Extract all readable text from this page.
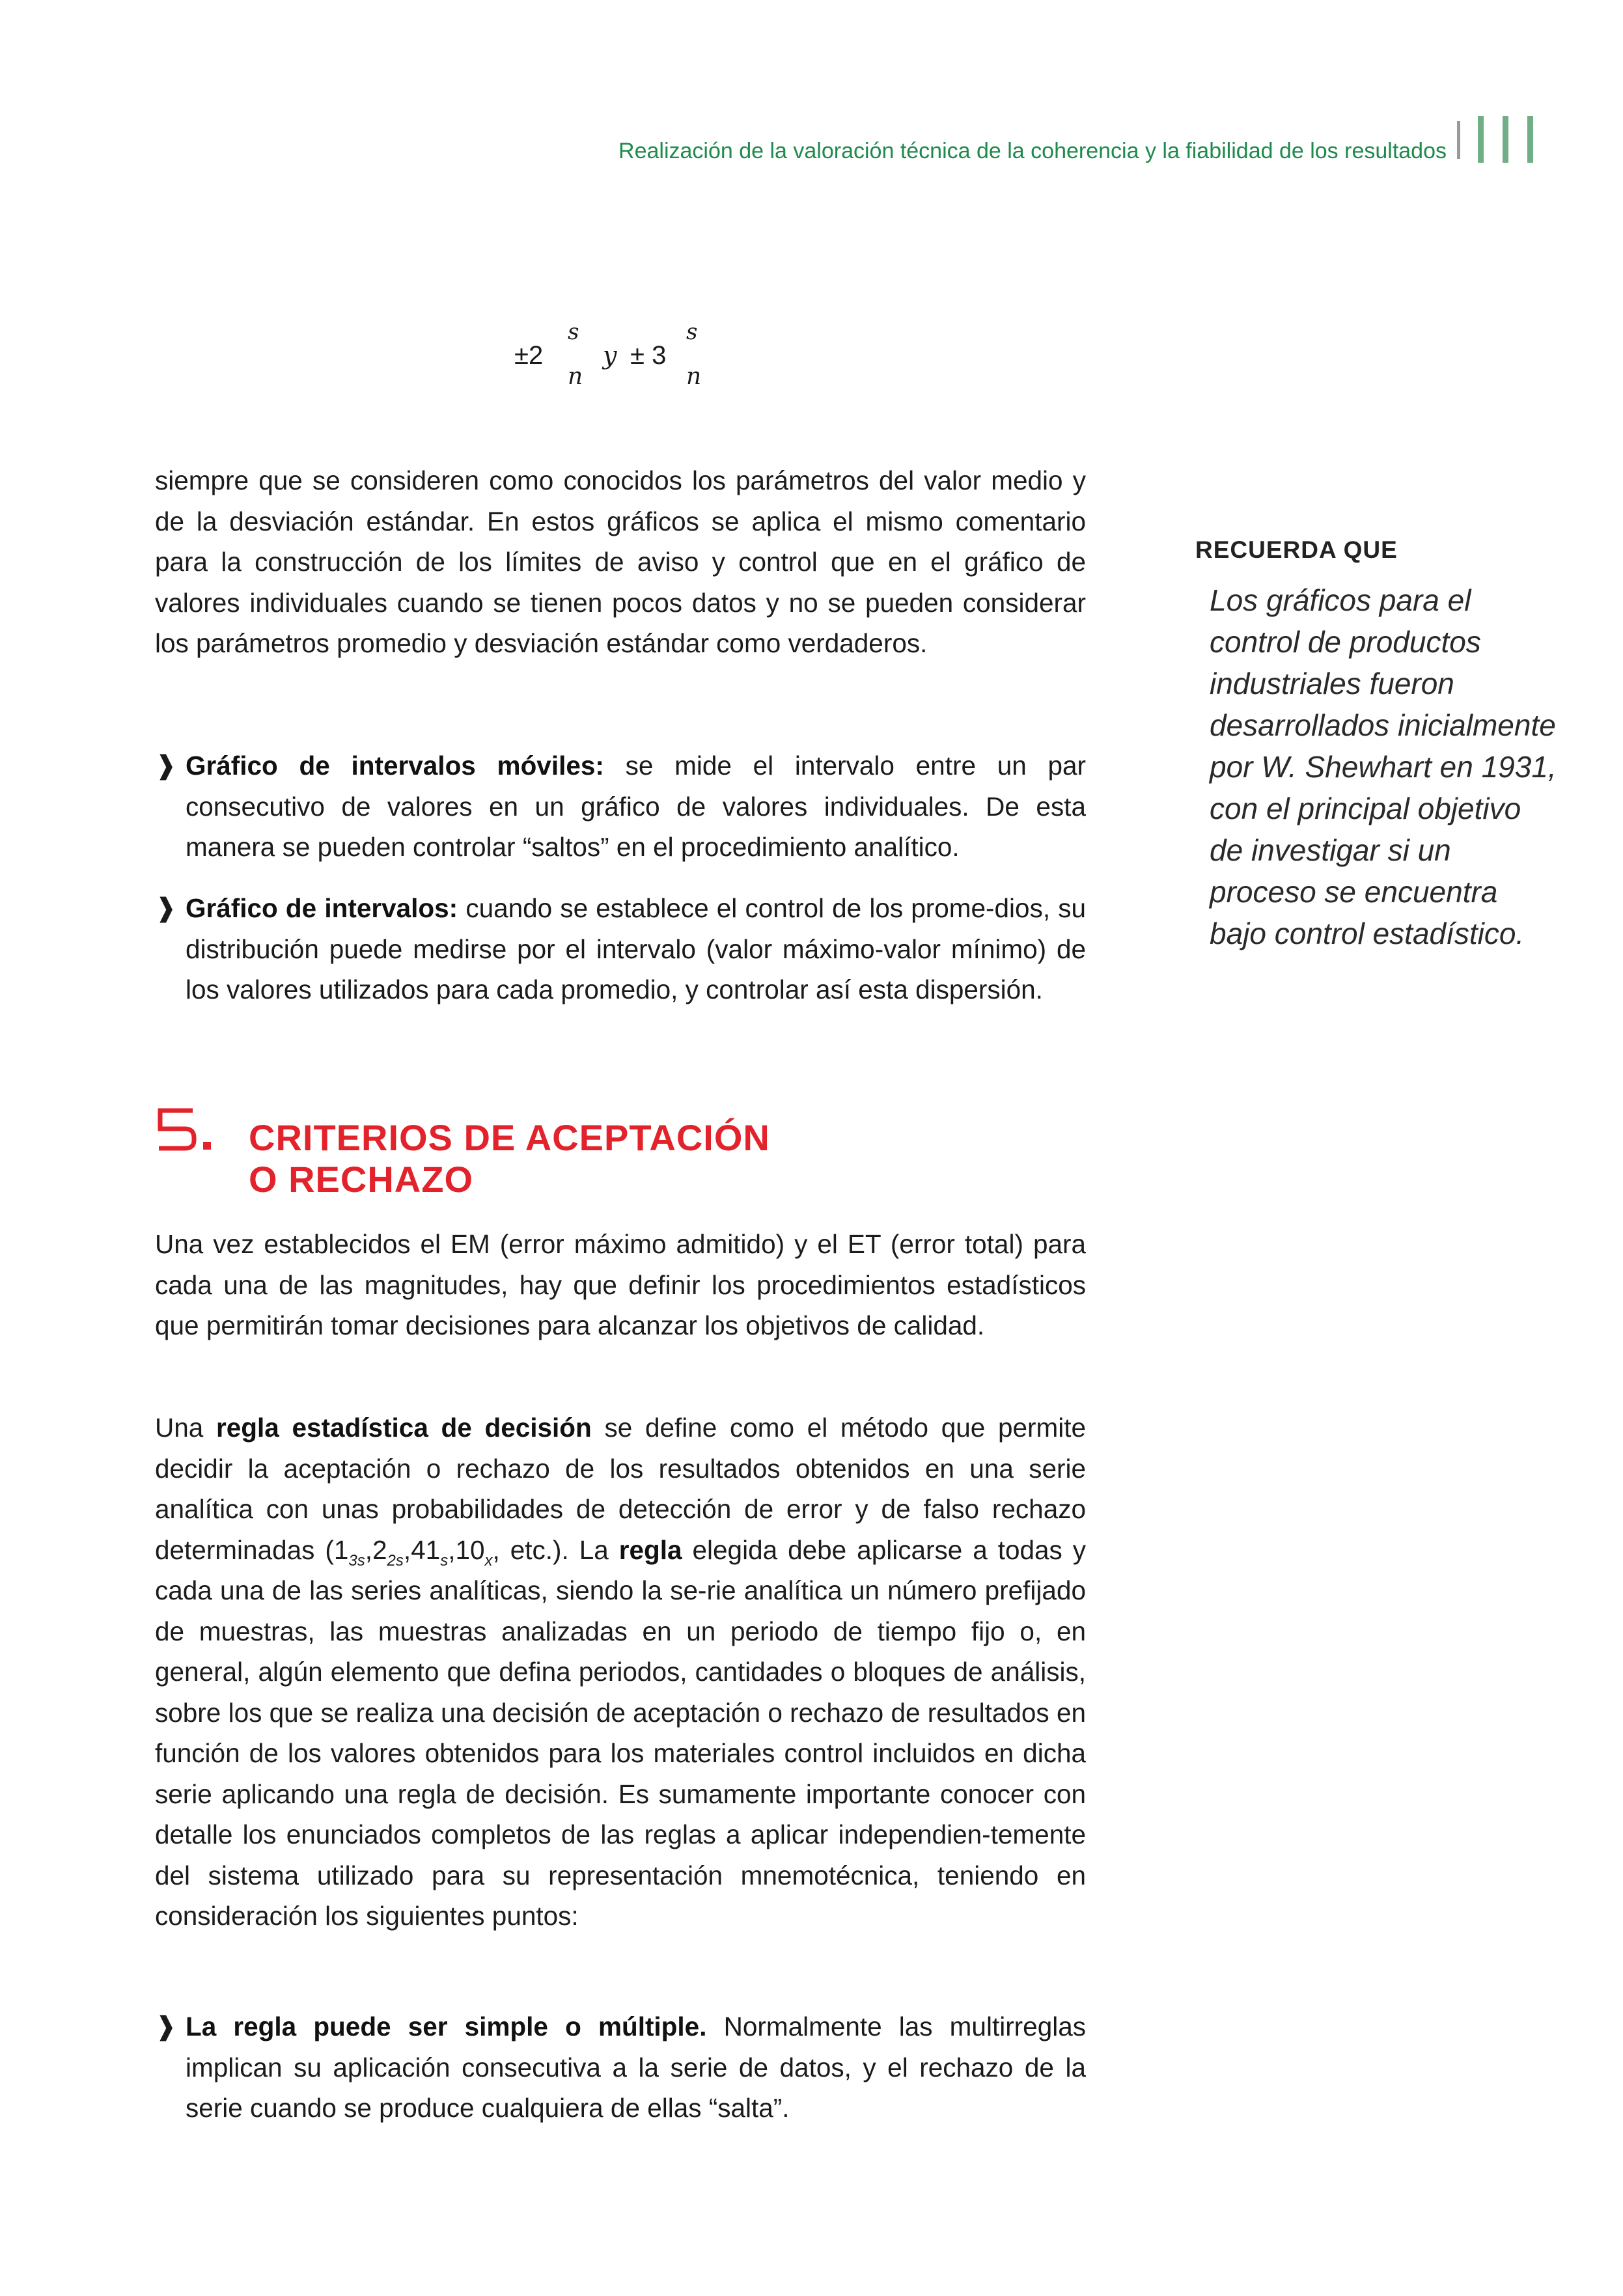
Realización de la valoración técnica de la coherencia y la fiabilidad de los resultados
±2
s
n
y ± 3
s
n

siempre que se consideren como conocidos los parámetros del valor medio y de la desviación estándar. En estos gráficos se aplica el mismo comentario para la construcción de los límites de aviso y control que en el gráfico de valores individuales cuando se tienen pocos datos y no se pueden considerar los parámetros promedio y desviación estándar como verdaderos.

❱ Gráfico de intervalos móviles: se mide el intervalo entre un par consecutivo de valores en un gráfico de valores individuales. De esta manera se pueden controlar “saltos” en el procedimiento analítico.
❱ Gráfico de intervalos: cuando se establece el control de los prome-dios, su distribución puede medirse por el intervalo (valor máximo-valor mínimo) de los valores utilizados para cada promedio, y controlar así esta dispersión.
CRITERIOS DE ACEPTACIÓN
O RECHAZO

Una vez establecidos el EM (error máximo admitido) y el ET (error total) para cada una de las magnitudes, hay que definir los procedimientos estadísticos que permitirán tomar decisiones para alcanzar los objetivos de calidad.

Una regla estadística de decisión se define como el método que permite decidir la aceptación o rechazo de los resultados obtenidos en una serie analítica con unas probabilidades de detección de error y de falso rechazo determinadas ($1_{3s},2_{2s},41_s,10_x$, etc.). La regla elegida debe aplicarse a todas y cada una de las series analíticas, siendo la se-rie analítica un número prefijado de muestras, las muestras analizadas en un periodo de tiempo fijo o, en general, algún elemento que defina periodos, cantidades o bloques de análisis, sobre los que se realiza una decisión de aceptación o rechazo de resultados en función de los valores obtenidos para los materiales control incluidos en dicha serie aplicando una regla de decisión. Es sumamente importante conocer con detalle los enunciados completos de las reglas a aplicar independien-temente del sistema utilizado para su representación mnemotécnica, teniendo en consideración los siguientes puntos:

❱ La regla puede ser simple o múltiple. Normalmente las multirreglas implican su aplicación consecutiva a la serie de datos, y el rechazo de la serie cuando se produce cualquiera de ellas “salta”.
RECUERDA QUE
Los gráficos para el control de productos industriales fueron desarrollados inicialmente por W. Shewhart en 1931, con el principal objetivo de investigar si un proceso se encuentra bajo control estadístico.
